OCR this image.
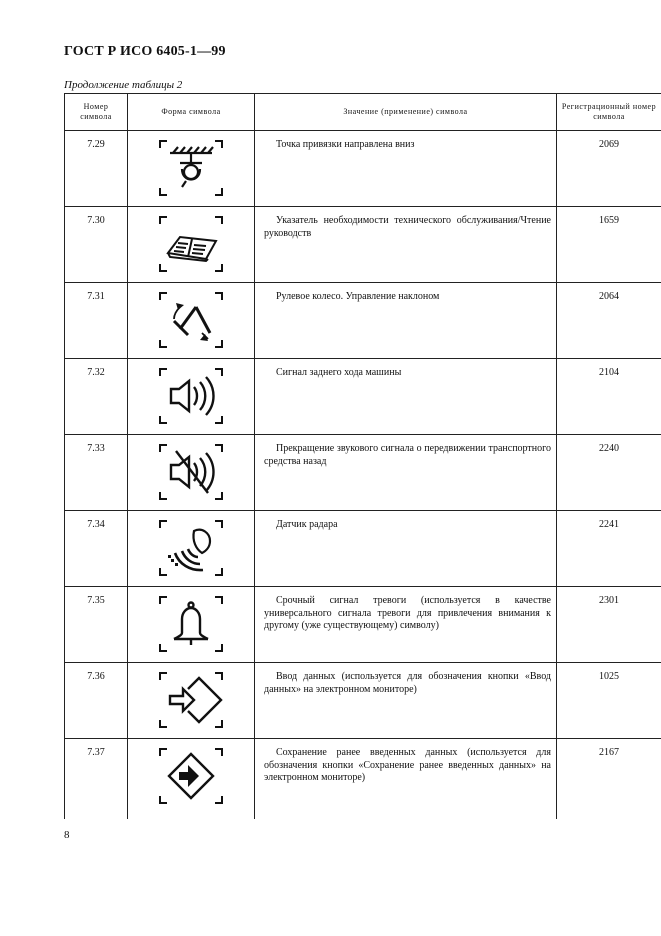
ГОСТ Р ИСО 6405-1—99
Продолжение таблицы 2
Номер символа	Форма символа	Значение (применение) символа	Регистрационный номер символа
7.29		Точка привязки направлена вниз	2069
7.30		Указатель необходимости технического обслуживания/Чтение руководств	1659
7.31		Рулевое колесо. Управление наклоном	2064
7.32		Сигнал заднего хода машины	2104
7.33		Прекращение звукового сигнала о передвижении транспортного средства назад	2240
7.34		Датчик радара	2241
7.35		Срочный сигнал тревоги (используется в качестве универсального сигнала тревоги для привлечения внимания к другому (уже существующему) символу)	2301
7.36		Ввод данных (используется для обозначения кнопки «Ввод данных» на электронном мониторе)	1025
7.37		Сохранение ранее введенных данных (используется для обозначения кнопки «Сохранение ранее введенных данных» на электронном мониторе)	2167
8
